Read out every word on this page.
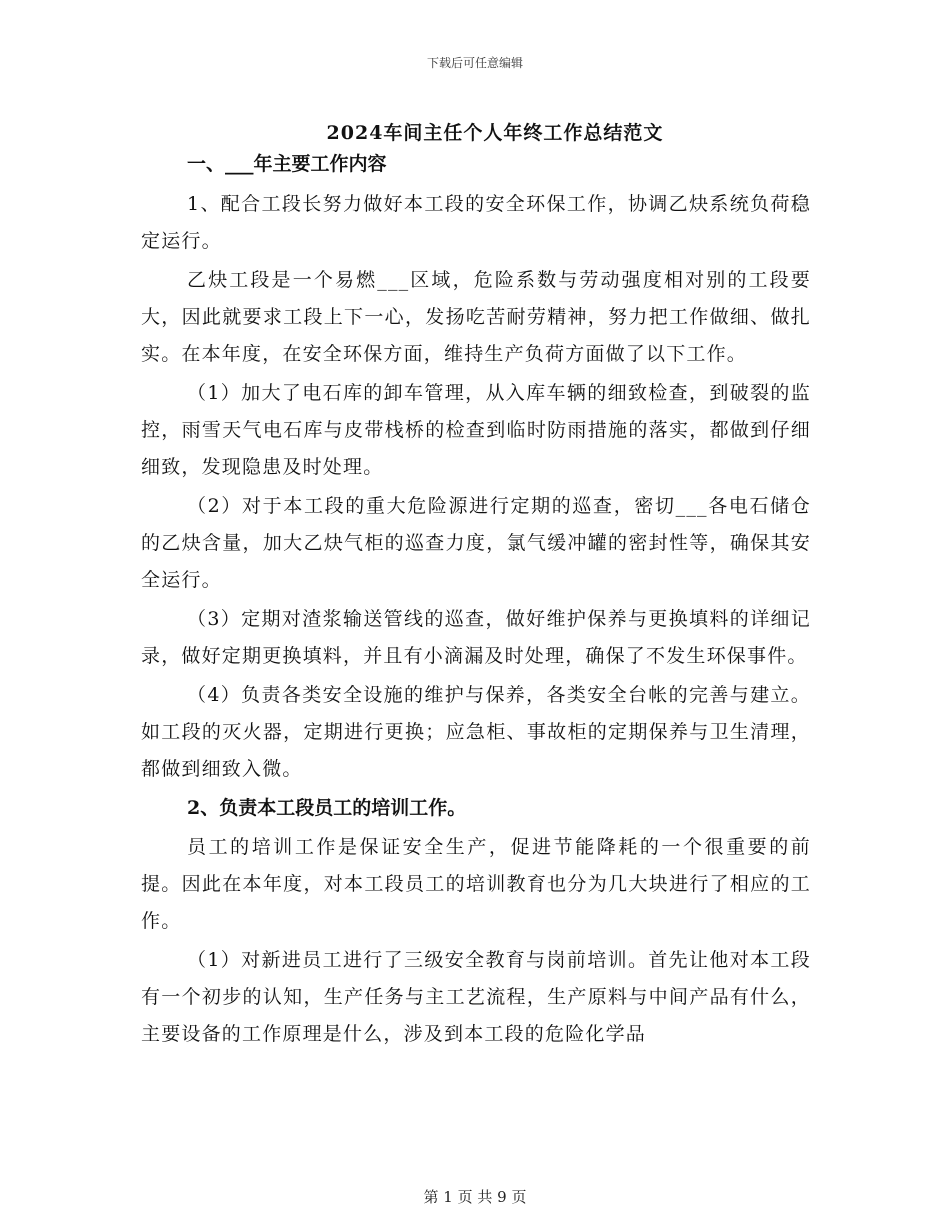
下载后可任意编辑
2024车间主任个人年终工作总结范文
一、___年主要工作内容

1、配合工段长努力做好本工段的安全环保工作，协调乙炔系统负荷稳定运行。

乙炔工段是一个易燃___区域，危险系数与劳动强度相对别的工段要大，因此就要求工段上下一心，发扬吃苦耐劳精神，努力把工作做细、做扎实。在本年度，在安全环保方面，维持生产负荷方面做了以下工作。

（1）加大了电石库的卸车管理，从入库车辆的细致检查，到破裂的监控，雨雪天气电石库与皮带栈桥的检查到临时防雨措施的落实，都做到仔细细致，发现隐患及时处理。

（2）对于本工段的重大危险源进行定期的巡查，密切___各电石储仓的乙炔含量，加大乙炔气柜的巡查力度，氯气缓冲罐的密封性等，确保其安全运行。

（3）定期对渣浆输送管线的巡查，做好维护保养与更换填料的详细记录，做好定期更换填料，并且有小滴漏及时处理，确保了不发生环保事件。

（4）负责各类安全设施的维护与保养，各类安全台帐的完善与建立。如工段的灭火器，定期进行更换；应急柜、事故柜的定期保养与卫生清理，都做到细致入微。

2、负责本工段员工的培训工作。

员工的培训工作是保证安全生产，促进节能降耗的一个很重要的前提。因此在本年度，对本工段员工的培训教育也分为几大块进行了相应的工作。

（1）对新进员工进行了三级安全教育与岗前培训。首先让他对本工段有一个初步的认知，生产任务与主工艺流程，生产原料与中间产品有什么，主要设备的工作原理是什么，涉及到本工段的危险化学品

第 1 页 共 9 页
